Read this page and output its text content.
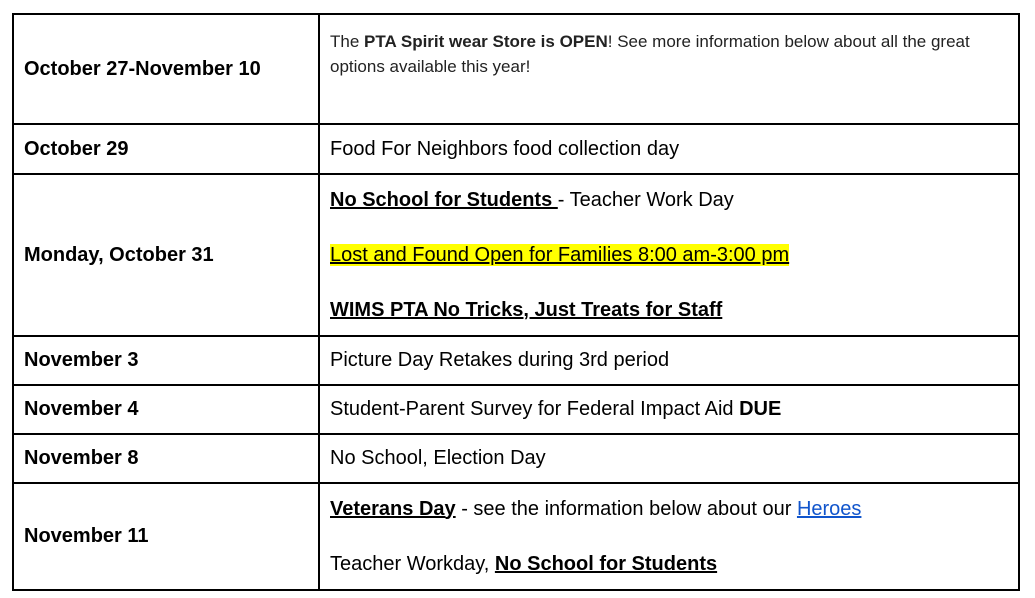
October 27-November 10	The PTA Spirit wear Store is OPEN! See more information below about all the great options available this year!
October 29	Food For Neighbors food collection day
Monday, October 31	No School for Students - Teacher Work Day
Lost and Found Open for Families 8:00 am-3:00 pm
WIMS PTA No Tricks, Just Treats for Staff

November 3	Picture Day Retakes during 3rd period
November 4	Student-Parent Survey for Federal Impact Aid DUE
November 8	No School, Election Day
November 11	Veterans Day - see the information below about our Heroes
Teacher Workday, No School for Students
